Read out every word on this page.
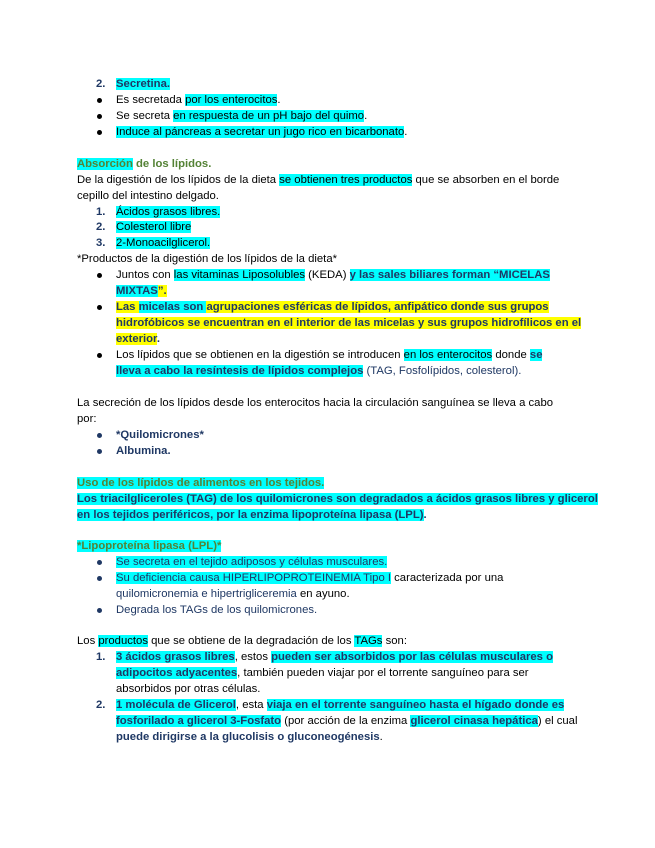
2. Secretina.
Es secretada por los enterocitos.
Se secreta en respuesta de un pH bajo del quimo.
Induce al páncreas a secretar un jugo rico en bicarbonato.
Absorción de los lípidos.
De la digestión de los lípidos de la dieta se obtienen tres productos que se absorben en el borde
cepillo del intestino delgado.
1. Ácidos grasos libres.
2. Colesterol libre
3. 2-Monoacilglicerol.
*Productos de la digestión de los lípidos de la dieta*
Juntos con las vitaminas Liposolubles (KEDA) y las sales biliares forman “MICELAS
MIXTAS”.
Las micelas son agrupaciones esféricas de lípidos, anfipático donde sus grupos
hidrofóbicos se encuentran en el interior de las micelas y sus grupos hidrofílicos en el
exterior.
Los lípidos que se obtienen en la digestión se introducen en los enterocitos donde se
lleva a cabo la resíntesis de lípidos complejos (TAG, Fosfolípidos, colesterol).
La secreción de los lípidos desde los enterocitos hacia la circulación sanguínea se lleva a cabo
por:
*Quilomicrones*
Albumina.
Uso de los lípidos de alimentos en los tejidos.
Los triacilgliceroles (TAG) de los quilomicrones son degradados a ácidos grasos libres y glicerol
en los tejidos periféricos, por la enzima lipoproteína lipasa (LPL).
*Lipoproteína lipasa (LPL)*
Se secreta en el tejido adiposos y células musculares.
Su deficiencia causa HIPERLIPOPROTEINEMIA Tipo I caracterizada por una
quilomicronemia e hipertrigliceremia en ayuno.
Degrada los TAGs de los quilomicrones.
Los productos que se obtiene de la degradación de los TAGs son:
1. 3 ácidos grasos libres, estos pueden ser absorbidos por las células musculares o
adipocitos adyacentes, también pueden viajar por el torrente sanguíneo para ser
absorbidos por otras células.
2. 1 molécula de Glicerol, esta viaja en el torrente sanguíneo hasta el hígado donde es
fosforilado a glicerol 3-Fosfato (por acción de la enzima glicerol cinasa hepática) el cual
puede dirigirse a la glucolisis o gluconeogénesis.
